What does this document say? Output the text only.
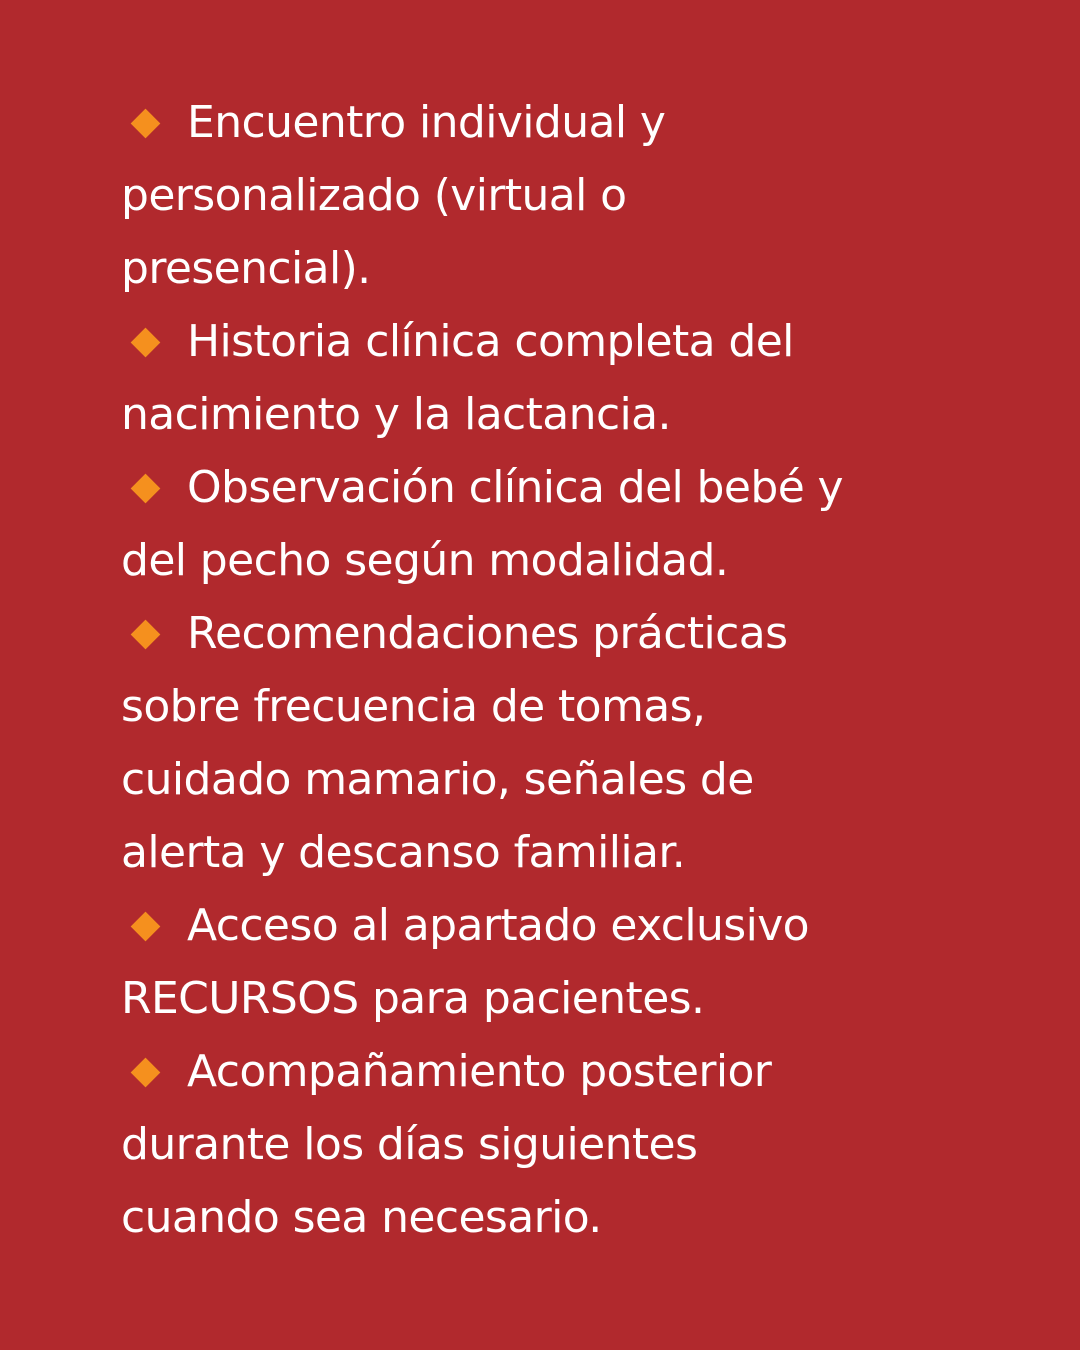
Encuentro individual y
personalizado (virtual o
presencial).
Historia clínica completa del
nacimiento y la lactancia.
Observación clínica del bebé y
del pecho según modalidad.
Recomendaciones prácticas
sobre frecuencia de tomas,
cuidado mamario, señales de
alerta y descanso familiar.
Acceso al apartado exclusivo
RECURSOS para pacientes.
Acompañamiento posterior
durante los días siguientes
cuando sea necesario.
